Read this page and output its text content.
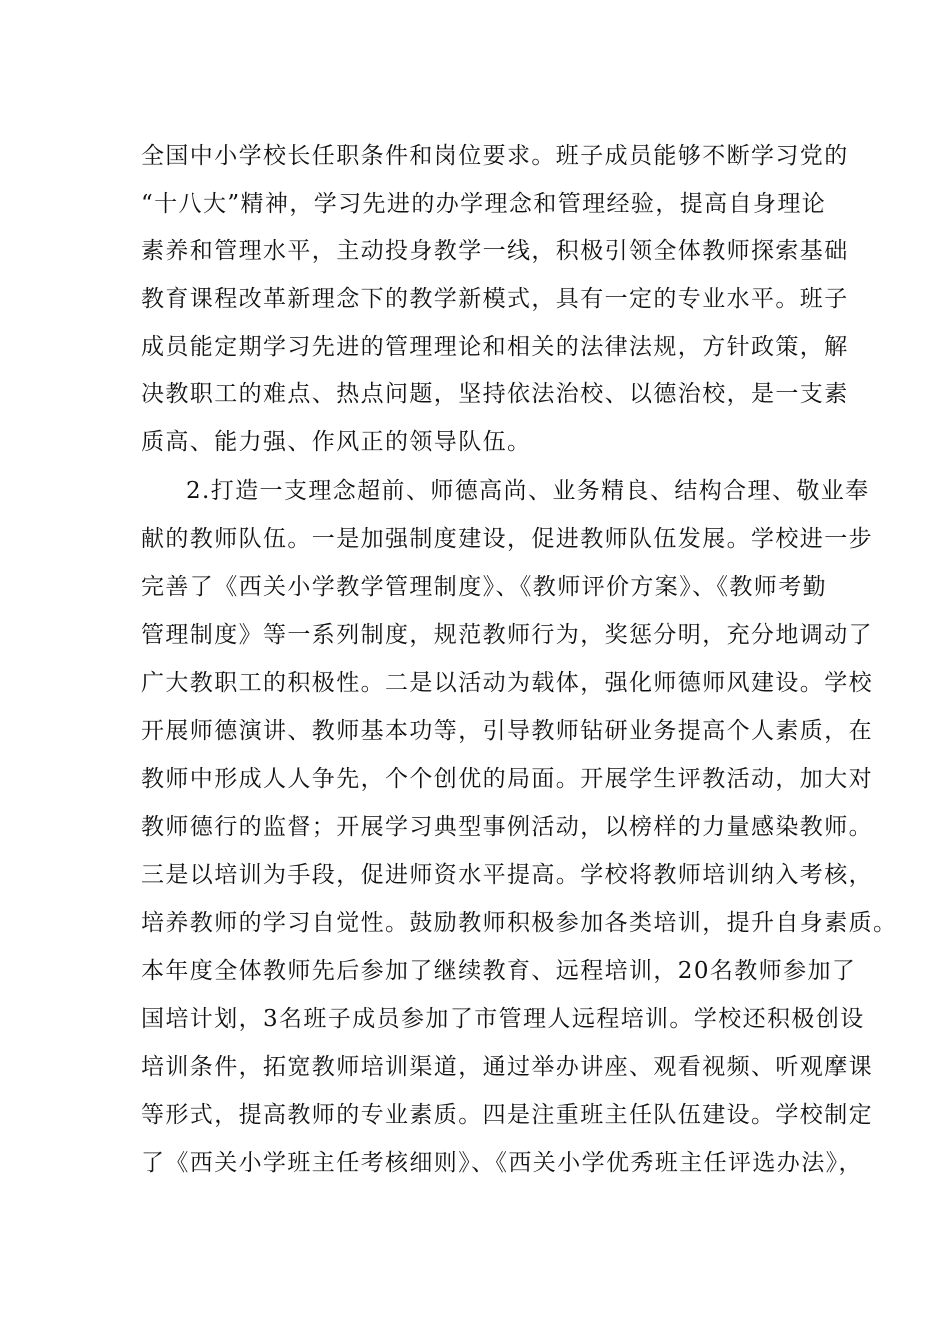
全国中小学校长任职条件和岗位要求。班子成员能够不断学习党的
“十八大”精神，学习先进的办学理念和管理经验，提高自身理论
素养和管理水平，主动投身教学一线，积极引领全体教师探索基础
教育课程改革新理念下的教学新模式，具有一定的专业水平。班子
成员能定期学习先进的管理理论和相关的法律法规，方针政策，解
决教职工的难点、热点问题，坚持依法治校、以德治校，是一支素
质高、能力强、作风正的领导队伍。
2.打造一支理念超前、师德高尚、业务精良、结构合理、敬业奉
献的教师队伍。一是加强制度建设，促进教师队伍发展。学校进一步
完善了《西关小学教学管理制度》、《教师评价方案》、《教师考勤
管理制度》等一系列制度，规范教师行为，奖惩分明，充分地调动了
广大教职工的积极性。二是以活动为载体，强化师德师风建设。学校
开展师德演讲、教师基本功等，引导教师钻研业务提高个人素质，在
教师中形成人人争先，个个创优的局面。开展学生评教活动，加大对
教师德行的监督；开展学习典型事例活动，以榜样的力量感染教师。
三是以培训为手段，促进师资水平提高。学校将教师培训纳入考核，
培养教师的学习自觉性。鼓励教师积极参加各类培训，提升自身素质。
本年度全体教师先后参加了继续教育、远程培训，20名教师参加了
国培计划，3名班子成员参加了市管理人远程培训。学校还积极创设
培训条件，拓宽教师培训渠道，通过举办讲座、观看视频、听观摩课
等形式，提高教师的专业素质。四是注重班主任队伍建设。学校制定
了《西关小学班主任考核细则》、《西关小学优秀班主任评选办法》，
